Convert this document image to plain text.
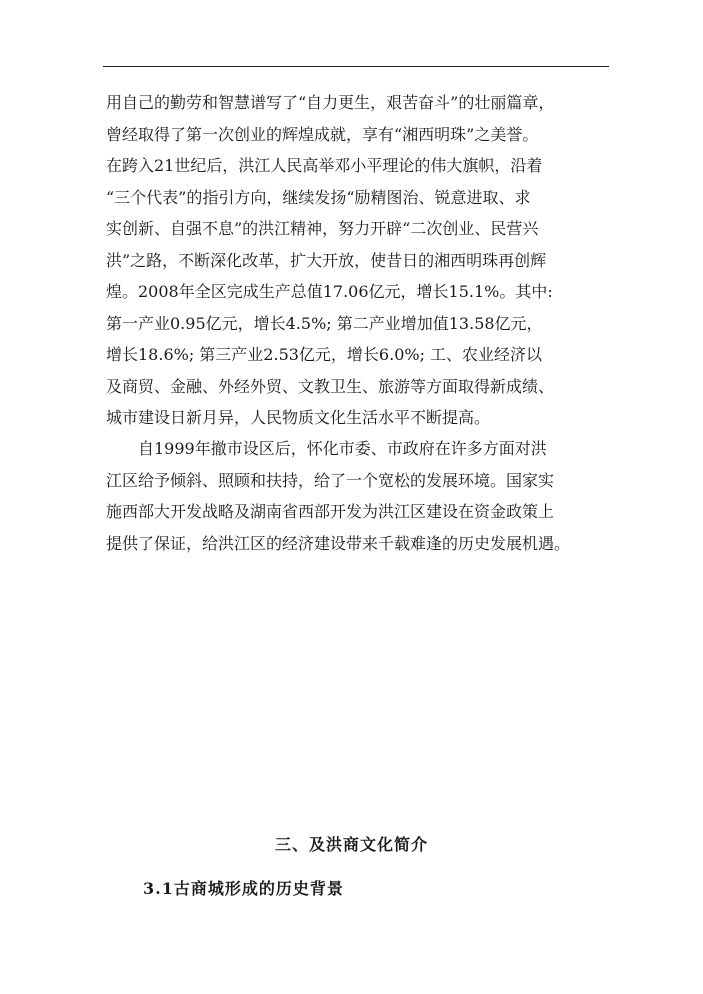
用自己的勤劳和智慧谱写了“自力更生，艰苦奋斗”的壮丽篇章，
曾经取得了第一次创业的辉煌成就，享有“湘西明珠”之美誉。
在跨入21世纪后，洪江人民高举邓小平理论的伟大旗帜，沿着
“三个代表”的指引方向，继续发扬“励精图治、锐意进取、求
实创新、自强不息”的洪江精神，努力开辟“二次创业、民营兴
洪”之路，不断深化改革，扩大开放，使昔日的湘西明珠再创辉
煌。2008年全区完成生产总值17.06亿元，增长15.1%。其中:
第一产业0.95亿元，增长4.5%; 第二产业增加值13.58亿元，
增长18.6%; 第三产业2.53亿元，增长6.0%; 工、农业经济以
及商贸、金融、外经外贸、文教卫生、旅游等方面取得新成绩、
城市建设日新月异，人民物质文化生活水平不断提高。
　　自1999年撤市设区后，怀化市委、市政府在许多方面对洪
江区给予倾斜、照顾和扶持，给了一个宽松的发展环境。国家实
施西部大开发战略及湖南省西部开发为洪江区建设在资金政策上
提供了保证，给洪江区的经济建设带来千载难逢的历史发展机遇。
三、及洪商文化简介
3.1古商城形成的历史背景
